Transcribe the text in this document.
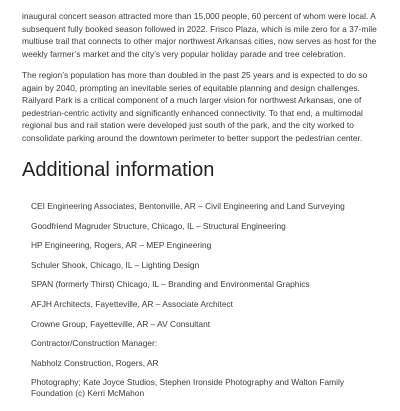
inaugural concert season attracted more than 15,000 people, 60 percent of whom were local. A subsequent fully booked season followed in 2022. Frisco Plaza, which is mile zero for a 37-mile multiuse trail that connects to other major northwest Arkansas cities, now serves as host for the weekly farmer’s market and the city’s very popular holiday parade and tree celebration.

The region’s population has more than doubled in the past 25 years and is expected to do so again by 2040, prompting an inevitable series of equitable planning and design challenges. Railyard Park is a critical component of a much larger vision for northwest Arkansas, one of pedestrian-centric activity and significantly enhanced connectivity. To that end, a multimodal regional bus and rail station were developed just south of the park, and the city worked to consolidate parking around the downtown perimeter to better support the pedestrian center.

Additional information
CEI Engineering Associates, Bentonville, AR – Civil Engineering and Land Surveying
Goodfriend Magruder Structure, Chicago, IL – Structural Engineering
HP Engineering, Rogers, AR – MEP Engineering
Schuler Shook, Chicago, IL – Lighting Design
SPAN (formerly Thirst) Chicago, IL – Branding and Environmental Graphics
AFJH Architects, Fayetteville, AR – Associate Architect
Crowne Group, Fayetteville, AR – AV Consultant
Contractor/Construction Manager:
Nabholz Construction, Rogers, AR
Photography; Kate Joyce Studios, Stephen Ironside Photography and Walton Family Foundation (c) Kerri McMahon
